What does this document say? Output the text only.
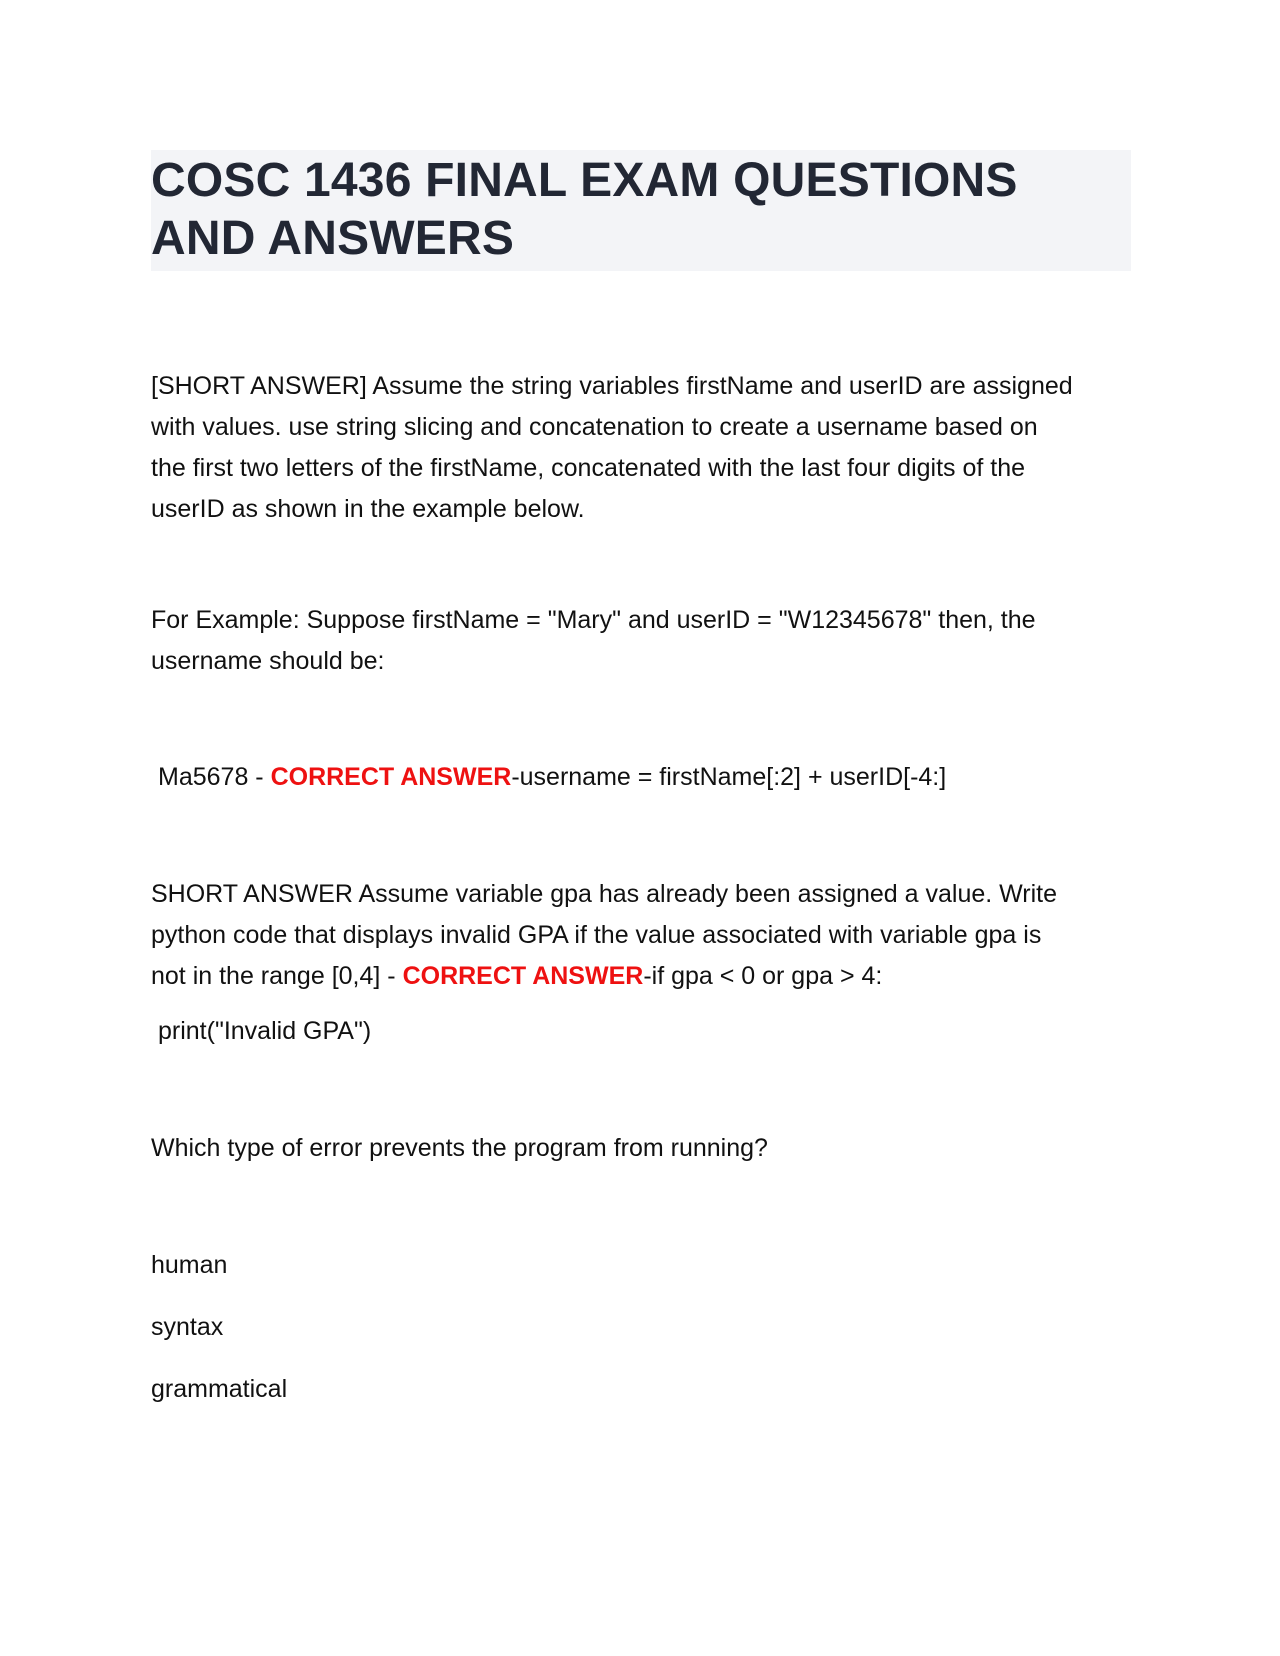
COSC 1436 FINAL EXAM QUESTIONS
AND ANSWERS
[SHORT ANSWER] Assume the string variables firstName and userID are assigned
with values. use string slicing and concatenation to create a username based on
the first two letters of the firstName, concatenated with the last four digits of the
userID as shown in the example below.
For Example: Suppose firstName = "Mary" and userID = "W12345678" then, the
username should be:
Ma5678 - CORRECT ANSWER-username = firstName[:2] + userID[-4:]
SHORT ANSWER Assume variable gpa has already been assigned a value. Write
python code that displays invalid GPA if the value associated with variable gpa is
not in the range [0,4] - CORRECT ANSWER-if gpa < 0 or gpa > 4:
print("Invalid GPA")
Which type of error prevents the program from running?
human
syntax
grammatical
